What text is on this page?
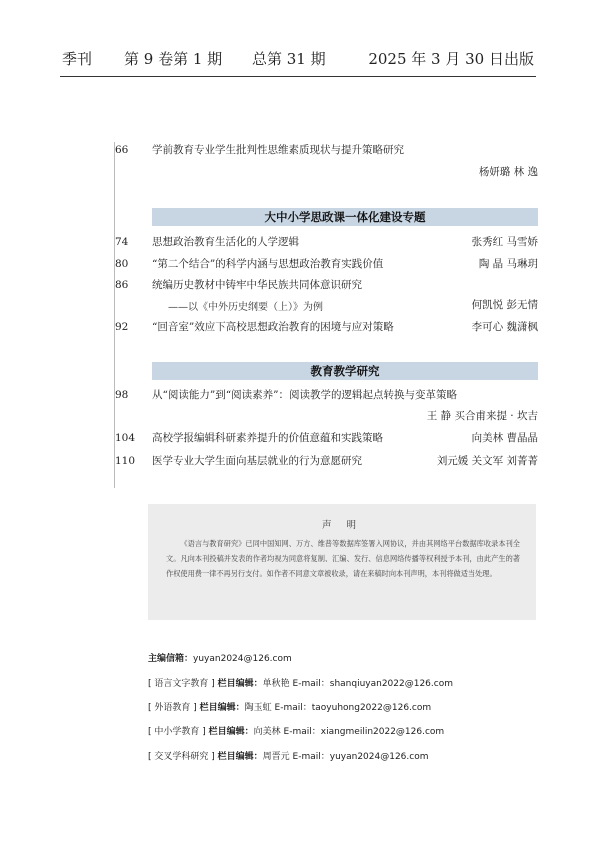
季刊 第 9 卷第 1 期 总第 31 期	2025 年 3 月 30 日出版
66	学前教育专业学生批判性思维素质现状与提升策略研究
杨妍璐 林 逸
大中小学思政课一体化建设专题
74	思想政治教育生活化的人学逻辑	张秀红 马雪娇
80	“第二个结合”的科学内涵与思想政治教育实践价值	陶 晶 马琳玥
86	统编历史教材中铸牢中华民族共同体意识研究
——以《中外历史纲要（上）》为例	何凯悦 彭无情
92	“回音室”效应下高校思想政治教育的困境与应对策略	李可心 魏潇枫
教育教学研究
98	从“阅读能力”到“阅读素养”：阅读教学的逻辑起点转换与变革策略
王 静 买合甫来提 · 坎吉
104	高校学报编辑科研素养提升的价值意蕴和实践策略	向美林 曹晶晶
110	医学专业大学生面向基层就业的行为意愿研究	刘元媛 关文军 刘菁菁
声 明
《语言与教育研究》已同中国知网、万方、维普等数据库签署入网协议，并由其网络平台数据库收录本刊全文。凡向本刊投稿并发表的作者均视为同意将复制、汇编、发行、信息网络传播等权利授予本刊，由此产生的著作权使用费一律不再另行支付。如作者不同意文章被收录，请在来稿时向本刊声明，本刊将做适当处理。
主编信箱：yuyan2024@126.com
[ 语言文字教育 ] 栏目编辑：单秋艳 E-mail：shanqiuyan2022@126.com
[ 外语教育 ] 栏目编辑：陶玉虹 E-mail：taoyuhong2022@126.com
[ 中小学教育 ] 栏目编辑：向美林 E-mail：xiangmeilin2022@126.com
[ 交叉学科研究 ] 栏目编辑：周晋元 E-mail：yuyan2024@126.com
